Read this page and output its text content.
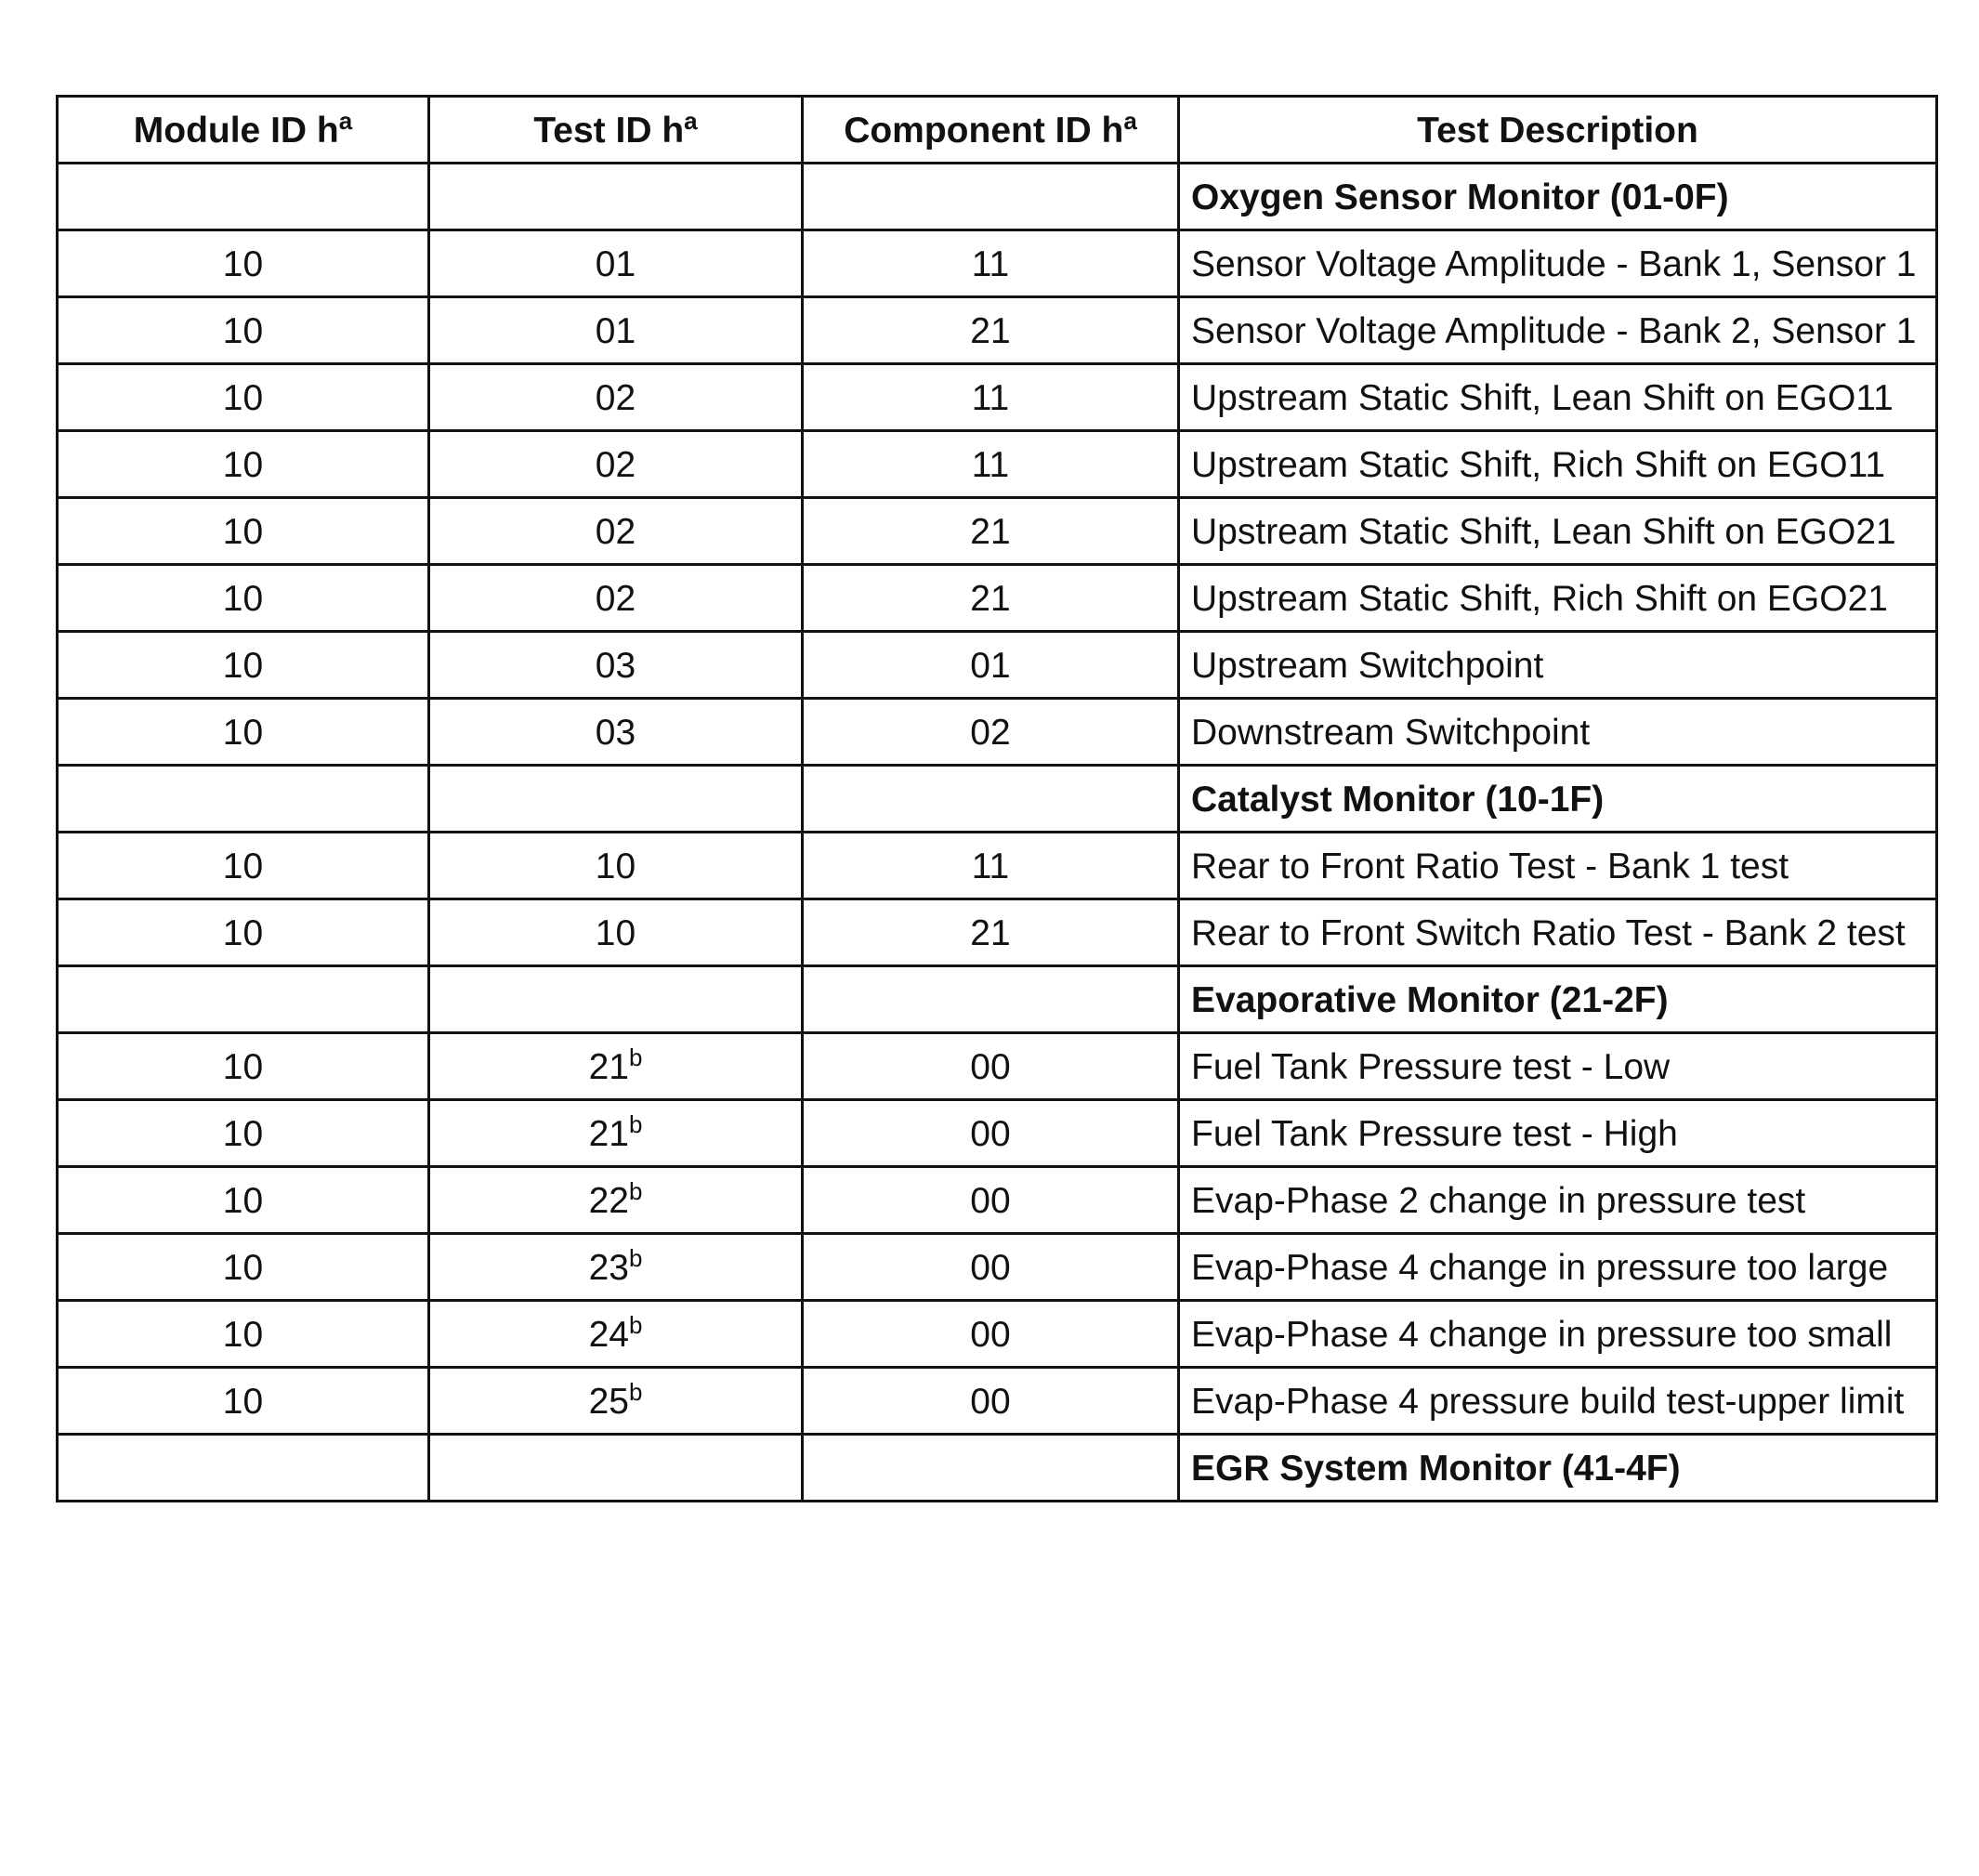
Module ID $h^a$	Test ID $h^a$	Component ID $h^a$	Test Description
			Oxygen Sensor Monitor (01-0F)
10	01	11	Sensor Voltage Amplitude - Bank 1, Sensor 1
10	01	21	Sensor Voltage Amplitude - Bank 2, Sensor 1
10	02	11	Upstream Static Shift, Lean Shift on EGO11
10	02	11	Upstream Static Shift, Rich Shift on EGO11
10	02	21	Upstream Static Shift, Lean Shift on EGO21
10	02	21	Upstream Static Shift, Rich Shift on EGO21
10	03	01	Upstream Switchpoint
10	03	02	Downstream Switchpoint
			Catalyst Monitor (10-1F)
10	10	11	Rear to Front Ratio Test - Bank 1 test
10	10	21	Rear to Front Switch Ratio Test - Bank 2 test
			Evaporative Monitor (21-2F)
10	21$^b$	00	Fuel Tank Pressure test - Low
10	21$^b$	00	Fuel Tank Pressure test - High
10	22$^b$	00	Evap-Phase 2 change in pressure test
10	23$^b$	00	Evap-Phase 4 change in pressure too large
10	24$^b$	00	Evap-Phase 4 change in pressure too small
10	25$^b$	00	Evap-Phase 4 pressure build test-upper limit
			EGR System Monitor (41-4F)
